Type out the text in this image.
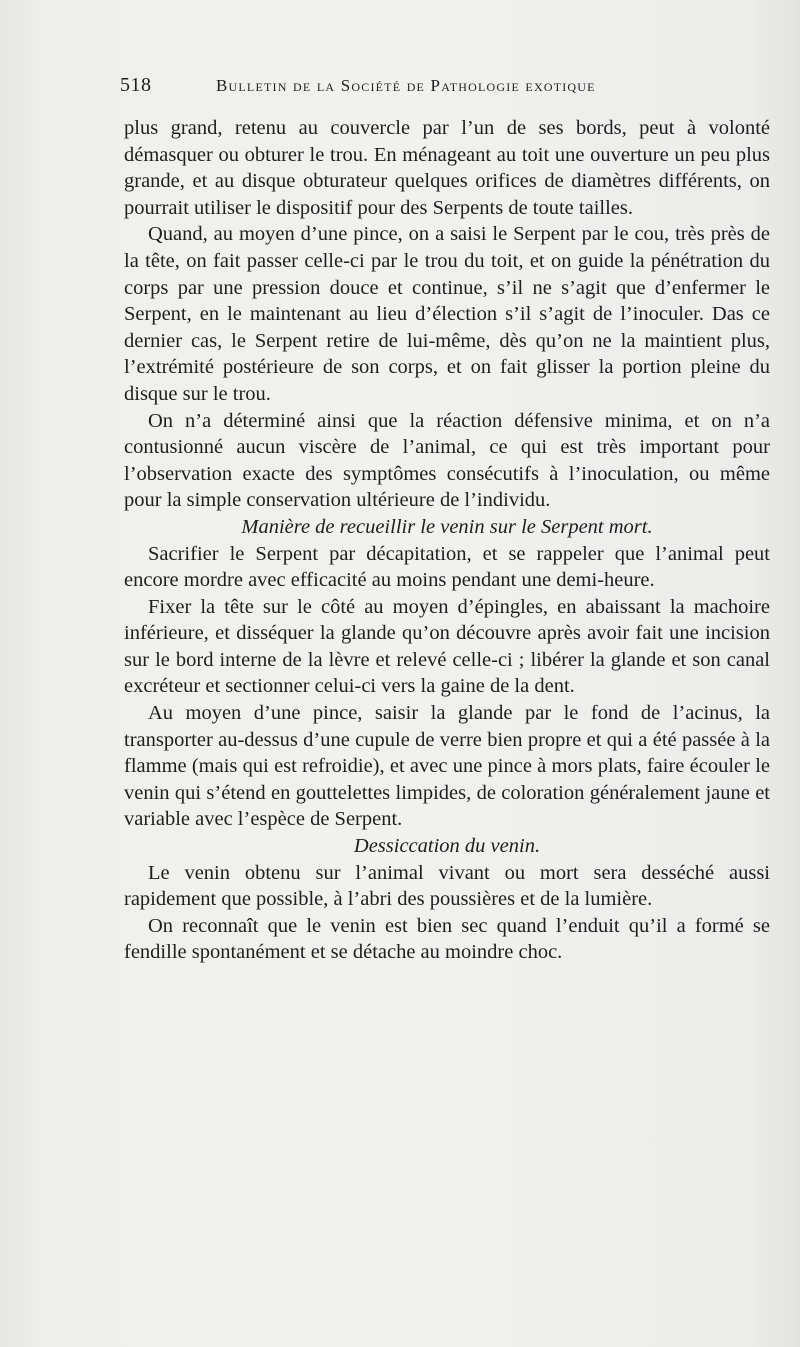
518	Bulletin de la Société de Pathologie exotique

plus grand, retenu au couvercle par l’un de ses bords, peut à volonté démasquer ou obturer le trou. En ménageant au toit une ouverture un peu plus grande, et au disque obturateur quelques orifices de diamètres différents, on pourrait utiliser le dispositif pour des Serpents de toute tailles.

Quand, au moyen d’une pince, on a saisi le Serpent par le cou, très près de la tête, on fait passer celle-ci par le trou du toit, et on guide la pénétration du corps par une pression douce et continue, s’il ne s’agit que d’enfermer le Serpent, en le maintenant au lieu d’élection s’il s’agit de l’inoculer. Das ce dernier cas, le Serpent retire de lui-même, dès qu’on ne la maintient plus, l’extrémité postérieure de son corps, et on fait glisser la portion pleine du disque sur le trou.

On n’a déterminé ainsi que la réaction défensive minima, et on n’a contusionné aucun viscère de l’animal, ce qui est très important pour l’observation exacte des symptômes consécutifs à l’inoculation, ou même pour la simple conservation ultérieure de l’individu.

Manière de recueillir le venin sur le Serpent mort.

Sacrifier le Serpent par décapitation, et se rappeler que l’animal peut encore mordre avec efficacité au moins pendant une demi-heure.

Fixer la tête sur le côté au moyen d’épingles, en abaissant la machoire inférieure, et disséquer la glande qu’on découvre après avoir fait une incision sur le bord interne de la lèvre et relevé celle-ci ; libérer la glande et son canal excréteur et sectionner celui-ci vers la gaine de la dent.

Au moyen d’une pince, saisir la glande par le fond de l’acinus, la transporter au-dessus d’une cupule de verre bien propre et qui a été passée à la flamme (mais qui est refroidie), et avec une pince à mors plats, faire écouler le venin qui s’étend en gouttelettes limpides, de coloration généralement jaune et variable avec l’espèce de Serpent.

Dessiccation du venin.

Le venin obtenu sur l’animal vivant ou mort sera desséché aussi rapidement que possible, à l’abri des poussières et de la lumière.

On reconnaît que le venin est bien sec quand l’enduit qu’il a formé se fendille spontanément et se détache au moindre choc.
